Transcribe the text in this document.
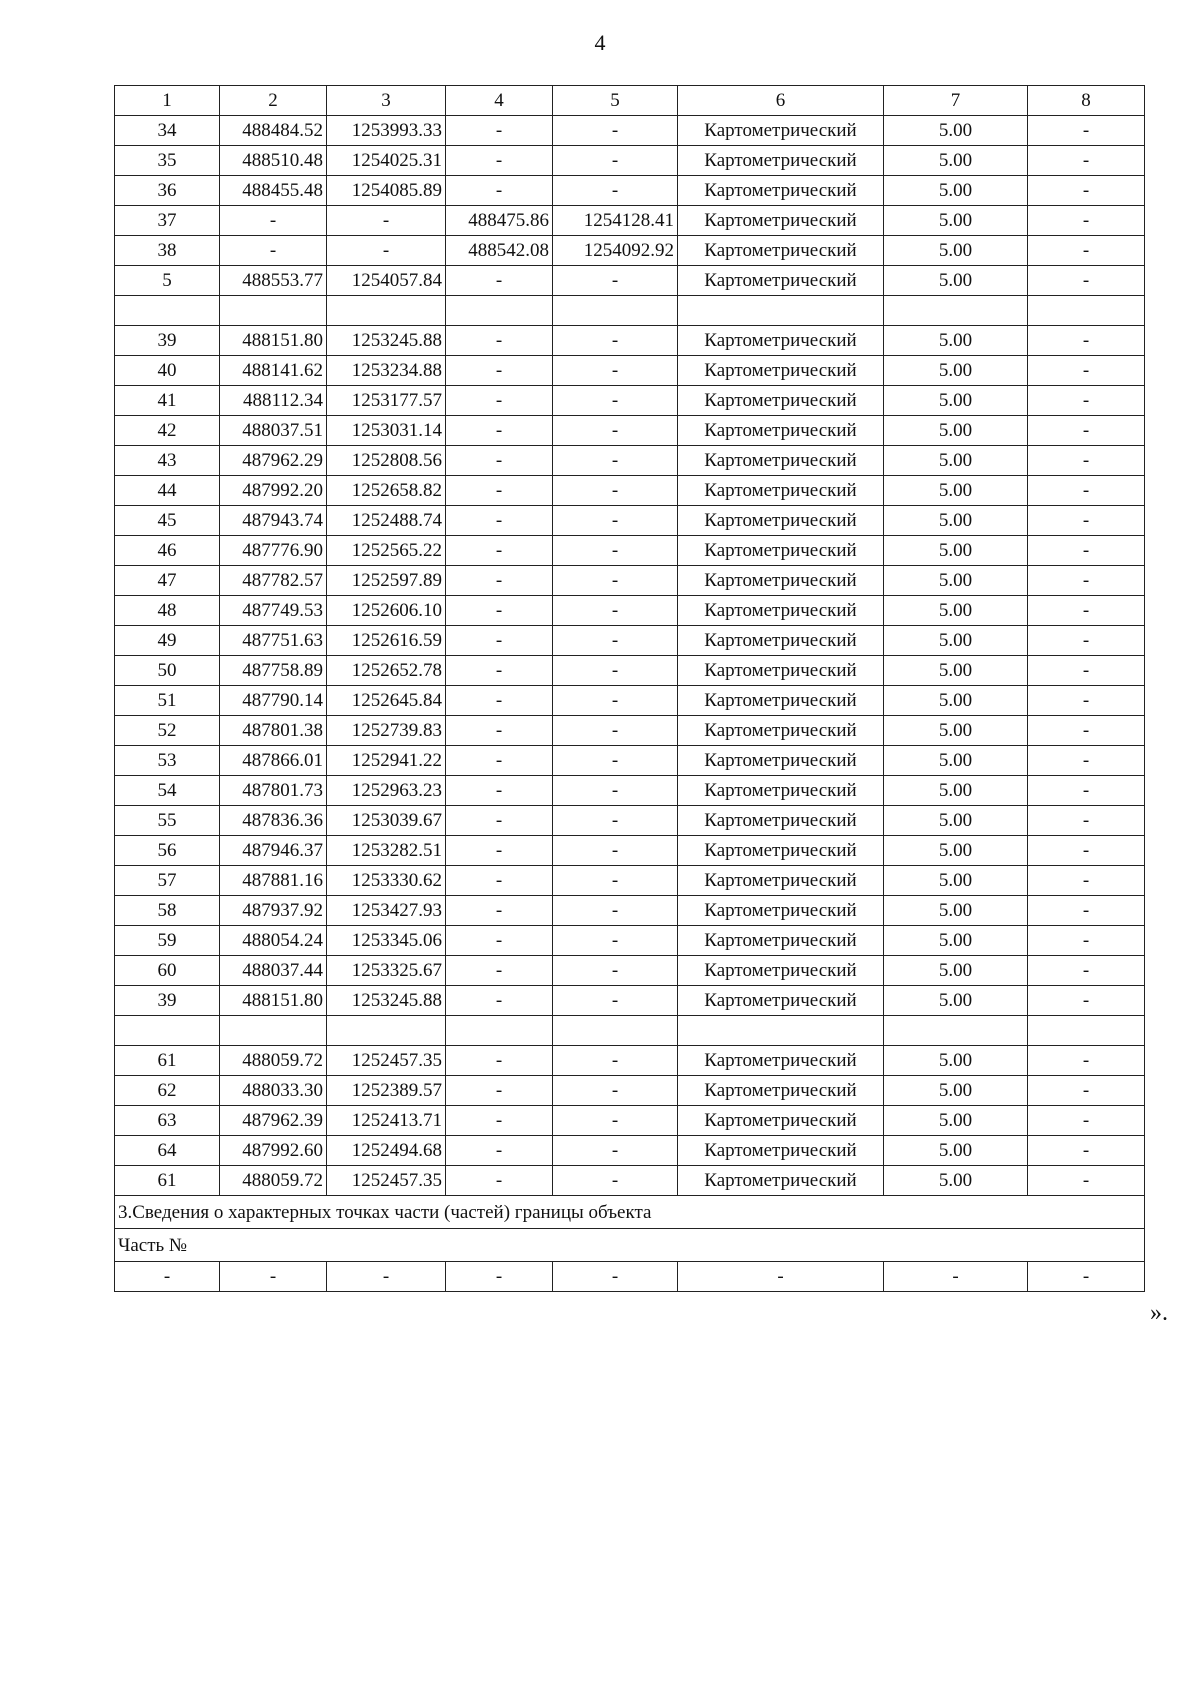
4
1	2	3	4	5	6	7	8
34	488484.52	1253993.33	-	-	Картометрический	5.00	-
35	488510.48	1254025.31	-	-	Картометрический	5.00	-
36	488455.48	1254085.89	-	-	Картометрический	5.00	-
37	-	-	488475.86	1254128.41	Картометрический	5.00	-
38	-	-	488542.08	1254092.92	Картометрический	5.00	-
5	488553.77	1254057.84	-	-	Картометрический	5.00	-

39	488151.80	1253245.88	-	-	Картометрический	5.00	-
40	488141.62	1253234.88	-	-	Картометрический	5.00	-
41	488112.34	1253177.57	-	-	Картометрический	5.00	-
42	488037.51	1253031.14	-	-	Картометрический	5.00	-
43	487962.29	1252808.56	-	-	Картометрический	5.00	-
44	487992.20	1252658.82	-	-	Картометрический	5.00	-
45	487943.74	1252488.74	-	-	Картометрический	5.00	-
46	487776.90	1252565.22	-	-	Картометрический	5.00	-
47	487782.57	1252597.89	-	-	Картометрический	5.00	-
48	487749.53	1252606.10	-	-	Картометрический	5.00	-
49	487751.63	1252616.59	-	-	Картометрический	5.00	-
50	487758.89	1252652.78	-	-	Картометрический	5.00	-
51	487790.14	1252645.84	-	-	Картометрический	5.00	-
52	487801.38	1252739.83	-	-	Картометрический	5.00	-
53	487866.01	1252941.22	-	-	Картометрический	5.00	-
54	487801.73	1252963.23	-	-	Картометрический	5.00	-
55	487836.36	1253039.67	-	-	Картометрический	5.00	-
56	487946.37	1253282.51	-	-	Картометрический	5.00	-
57	487881.16	1253330.62	-	-	Картометрический	5.00	-
58	487937.92	1253427.93	-	-	Картометрический	5.00	-
59	488054.24	1253345.06	-	-	Картометрический	5.00	-
60	488037.44	1253325.67	-	-	Картометрический	5.00	-
39	488151.80	1253245.88	-	-	Картометрический	5.00	-

61	488059.72	1252457.35	-	-	Картометрический	5.00	-
62	488033.30	1252389.57	-	-	Картометрический	5.00	-
63	487962.39	1252413.71	-	-	Картометрический	5.00	-
64	487992.60	1252494.68	-	-	Картометрический	5.00	-
61	488059.72	1252457.35	-	-	Картометрический	5.00	-
3.Сведения о характерных точках части (частей) границы объекта							
Часть №							
-	-	-	-	-	-	-	-
».
